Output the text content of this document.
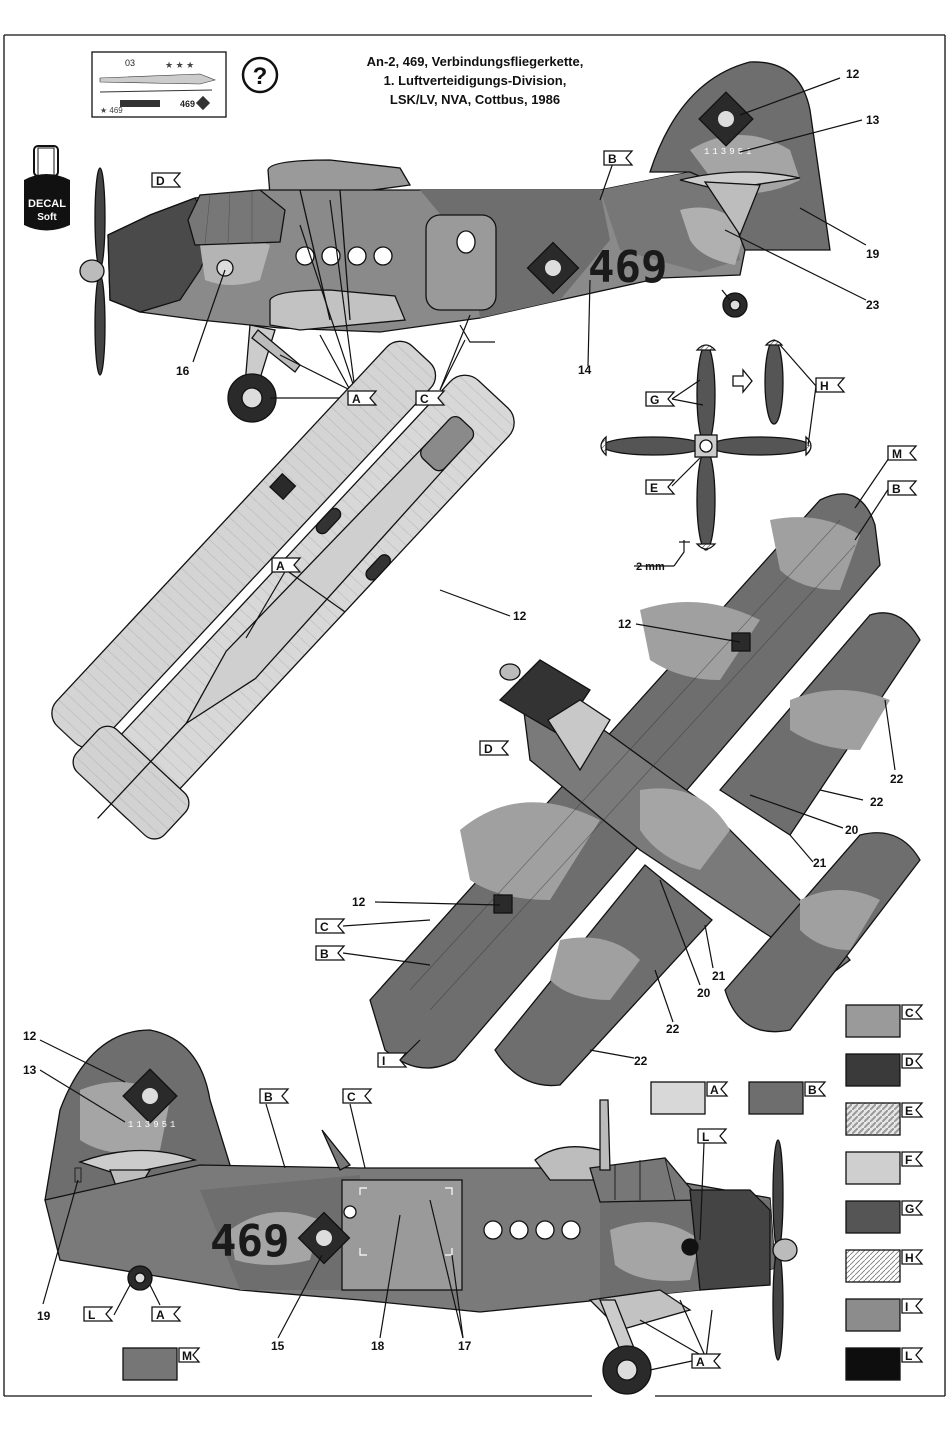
03	★ ★ ★
469
★ 469
?
An-2, 469, Verbindungsfliegerkette,
1. Luftverteidigungs-Division,
LSK/LV, NVA, Cottbus, 1986
DECAL
Soft
469
113951
12
13
19
23
16	14
2 mm
12
12
12
22
22
20
21
21
20
22
22
469
113951
12
13
19
15	18	17
D
B
A	C	G
H
E
M
B
A
D
C
B
I
B	C
L
L	A
A
A	B
C
D
E
F
G
H
I
L
M
